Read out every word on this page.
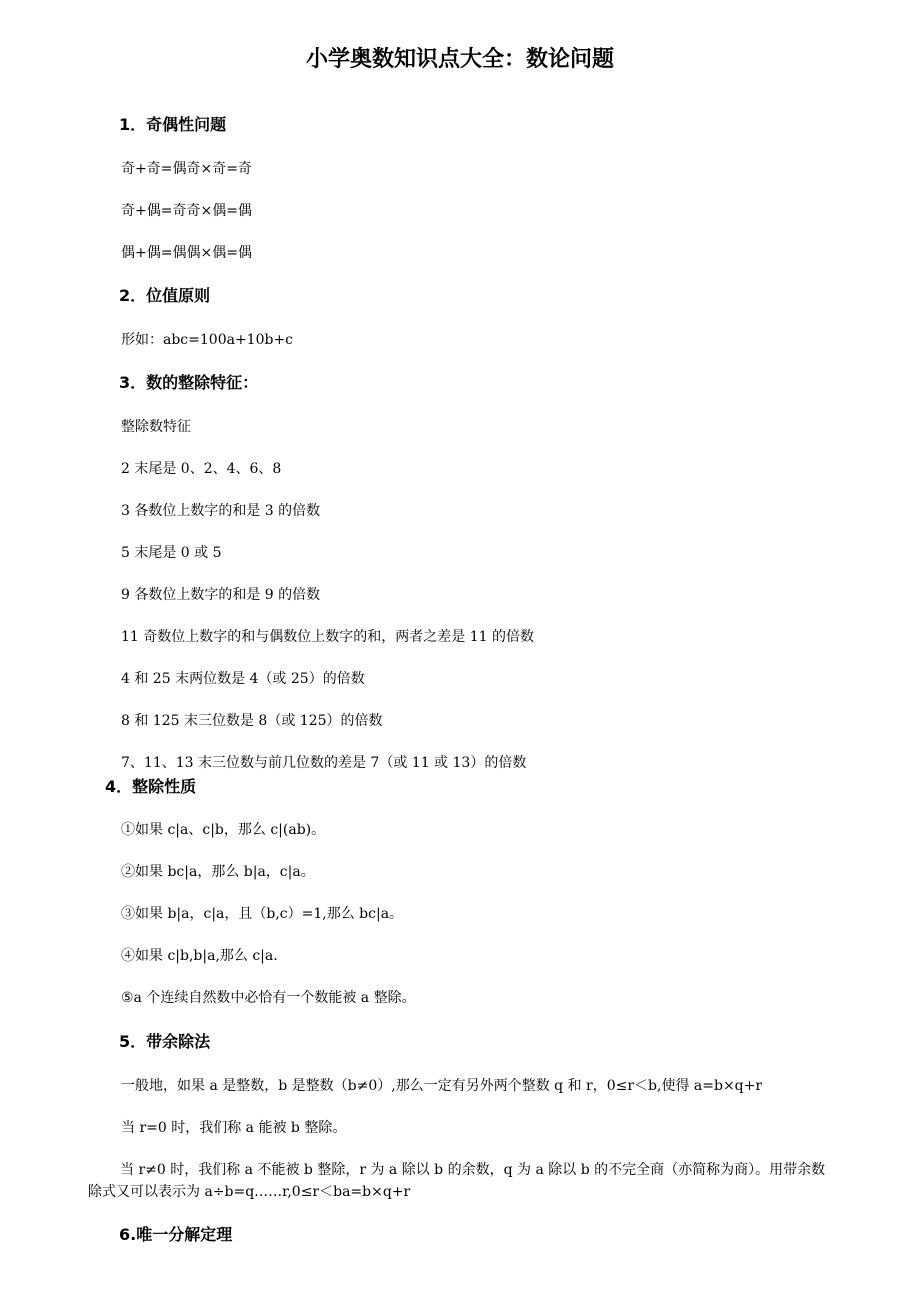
小学奥数知识点大全：数论问题
1．奇偶性问题
奇+奇=偶奇×奇=奇
奇+偶=奇奇×偶=偶
偶+偶=偶偶×偶=偶
2．位值原则
形如：abc=100a+10b+c
3．数的整除特征：
整除数特征
2 末尾是 0、2、4、6、8
3 各数位上数字的和是 3 的倍数
5 末尾是 0 或 5
9 各数位上数字的和是 9 的倍数
11 奇数位上数字的和与偶数位上数字的和，两者之差是 11 的倍数
4 和 25 末两位数是 4（或 25）的倍数
8 和 125 末三位数是 8（或 125）的倍数
7、11、13 末三位数与前几位数的差是 7（或 11 或 13）的倍数
4．整除性质
①如果 c|a、c|b，那么 c|(ab)。
②如果 bc|a，那么 b|a，c|a。
③如果 b|a，c|a，且（b,c）=1,那么 bc|a。
④如果 c|b,b|a,那么 c|a.
⑤a 个连续自然数中必恰有一个数能被 a 整除。
5．带余除法
一般地，如果 a 是整数，b 是整数（b≠0）,那么一定有另外两个整数 q 和 r，0≤r＜b,使得 a=b×q+r
当 r=0 时，我们称 a 能被 b 整除。
当 r≠0 时，我们称 a 不能被 b 整除，r 为 a 除以 b 的余数，q 为 a 除以 b 的不完全商（亦简称为商）。用带余数除式又可以表示为 a÷b=q……r,0≤r＜ba=b×q+r
6.唯一分解定理
